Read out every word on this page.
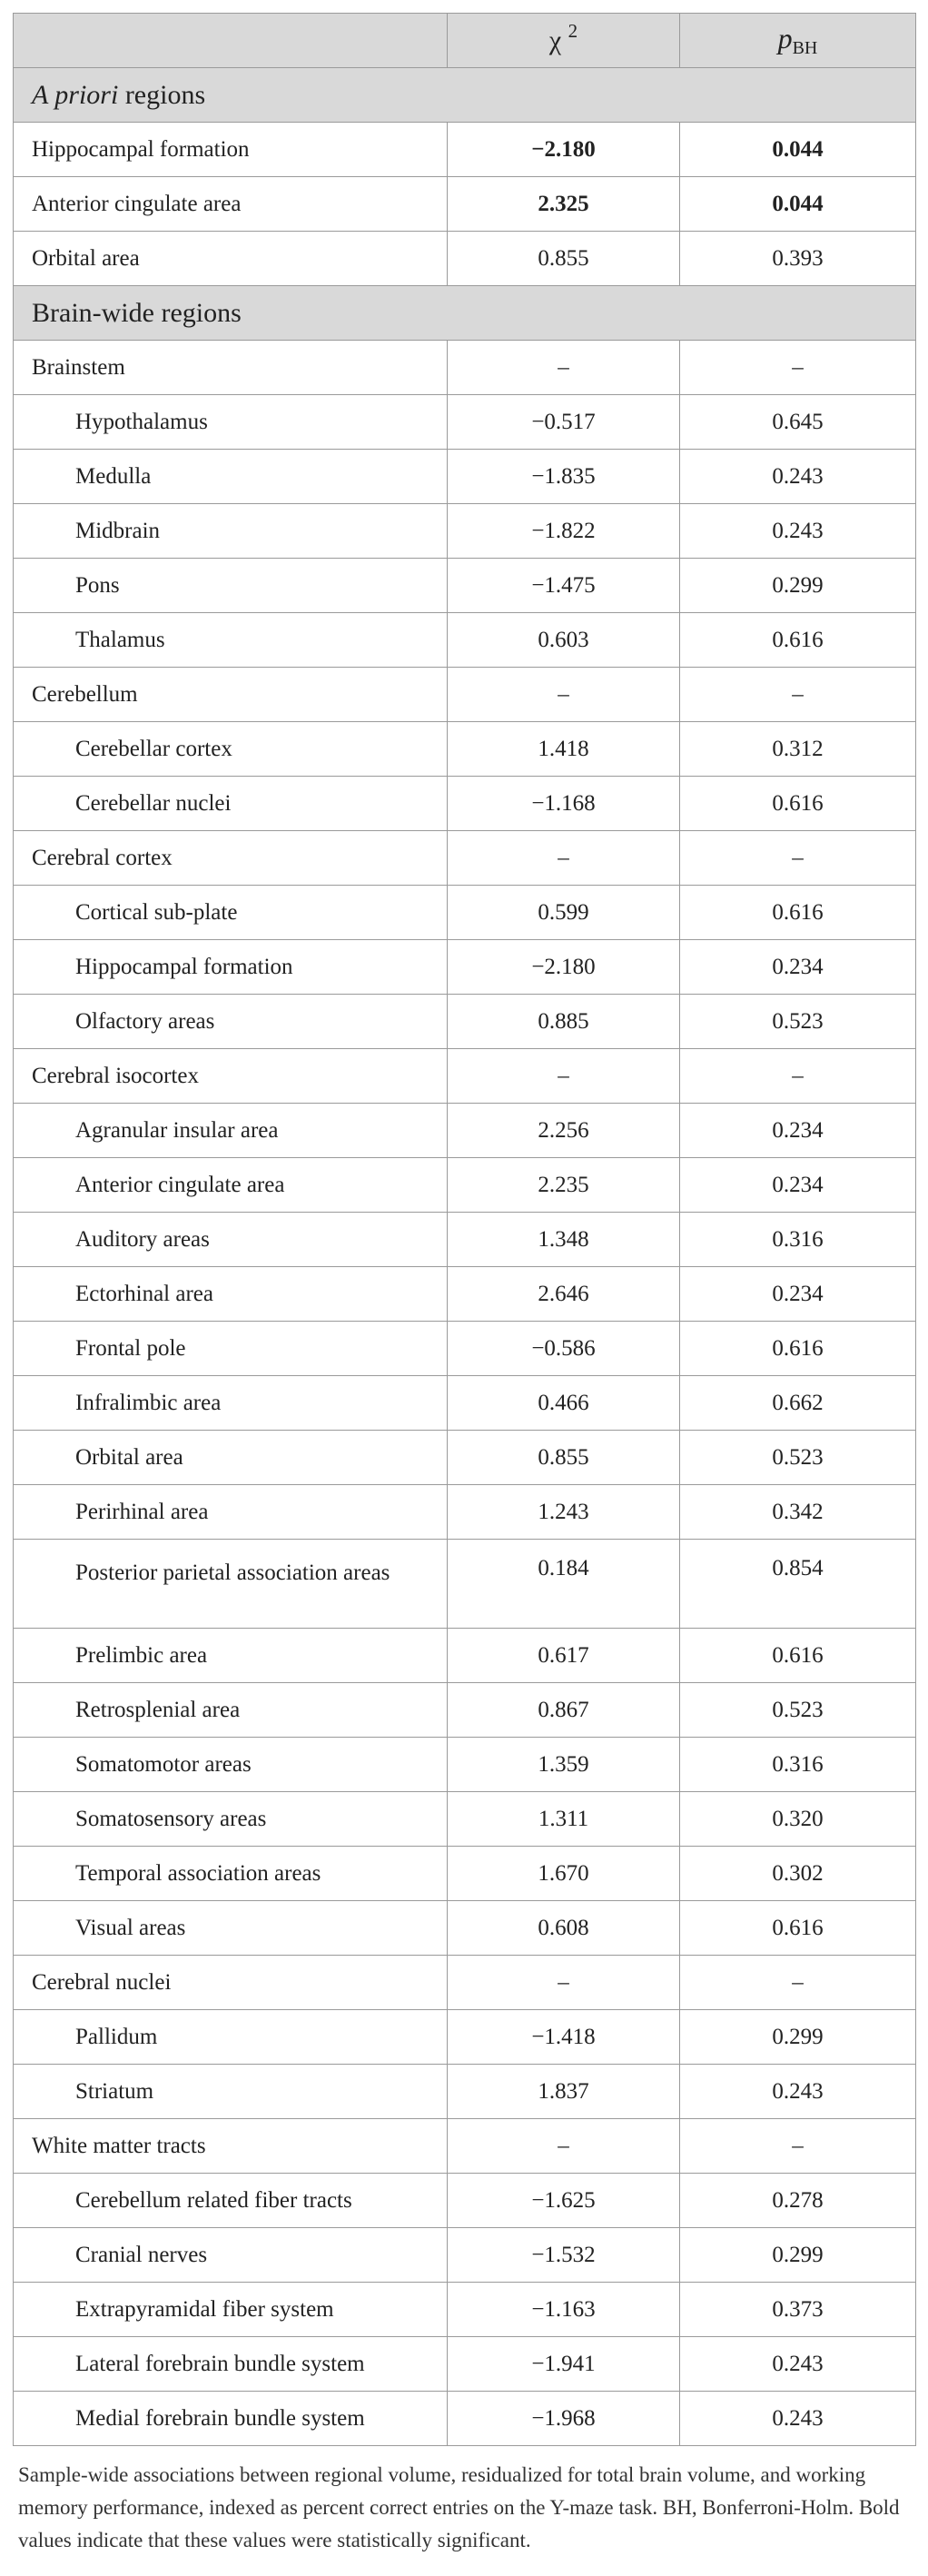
	χ $^2$	$p_{BH}$
A priori regions		
Hippocampal formation	−2.180	0.044
Anterior cingulate area	2.325	0.044
Orbital area	0.855	0.393
Brain-wide regions		
Brainstem	–	–
Hypothalamus	−0.517	0.645
Medulla	−1.835	0.243
Midbrain	−1.822	0.243
Pons	−1.475	0.299
Thalamus	0.603	0.616
Cerebellum	–	–
Cerebellar cortex	1.418	0.312
Cerebellar nuclei	−1.168	0.616
Cerebral cortex	–	–
Cortical sub-plate	0.599	0.616
Hippocampal formation	−2.180	0.234
Olfactory areas	0.885	0.523
Cerebral isocortex	–	–
Agranular insular area	2.256	0.234
Anterior cingulate area	2.235	0.234
Auditory areas	1.348	0.316
Ectorhinal area	2.646	0.234
Frontal pole	−0.586	0.616
Infralimbic area	0.466	0.662
Orbital area	0.855	0.523
Perirhinal area	1.243	0.342
Posterior parietal association areas	0.184	0.854
Prelimbic area	0.617	0.616
Retrosplenial area	0.867	0.523
Somatomotor areas	1.359	0.316
Somatosensory areas	1.311	0.320
Temporal association areas	1.670	0.302
Visual areas	0.608	0.616
Cerebral nuclei	–	–
Pallidum	−1.418	0.299
Striatum	1.837	0.243
White matter tracts	–	–
Cerebellum related fiber tracts	−1.625	0.278
Cranial nerves	−1.532	0.299
Extrapyramidal fiber system	−1.163	0.373
Lateral forebrain bundle system	−1.941	0.243
Medial forebrain bundle system	−1.968	0.243
Sample-wide associations between regional volume, residualized for total brain volume, and working memory performance, indexed as percent correct entries on the Y-maze task. BH, Bonferroni-Holm. Bold values indicate that these values were statistically significant.
